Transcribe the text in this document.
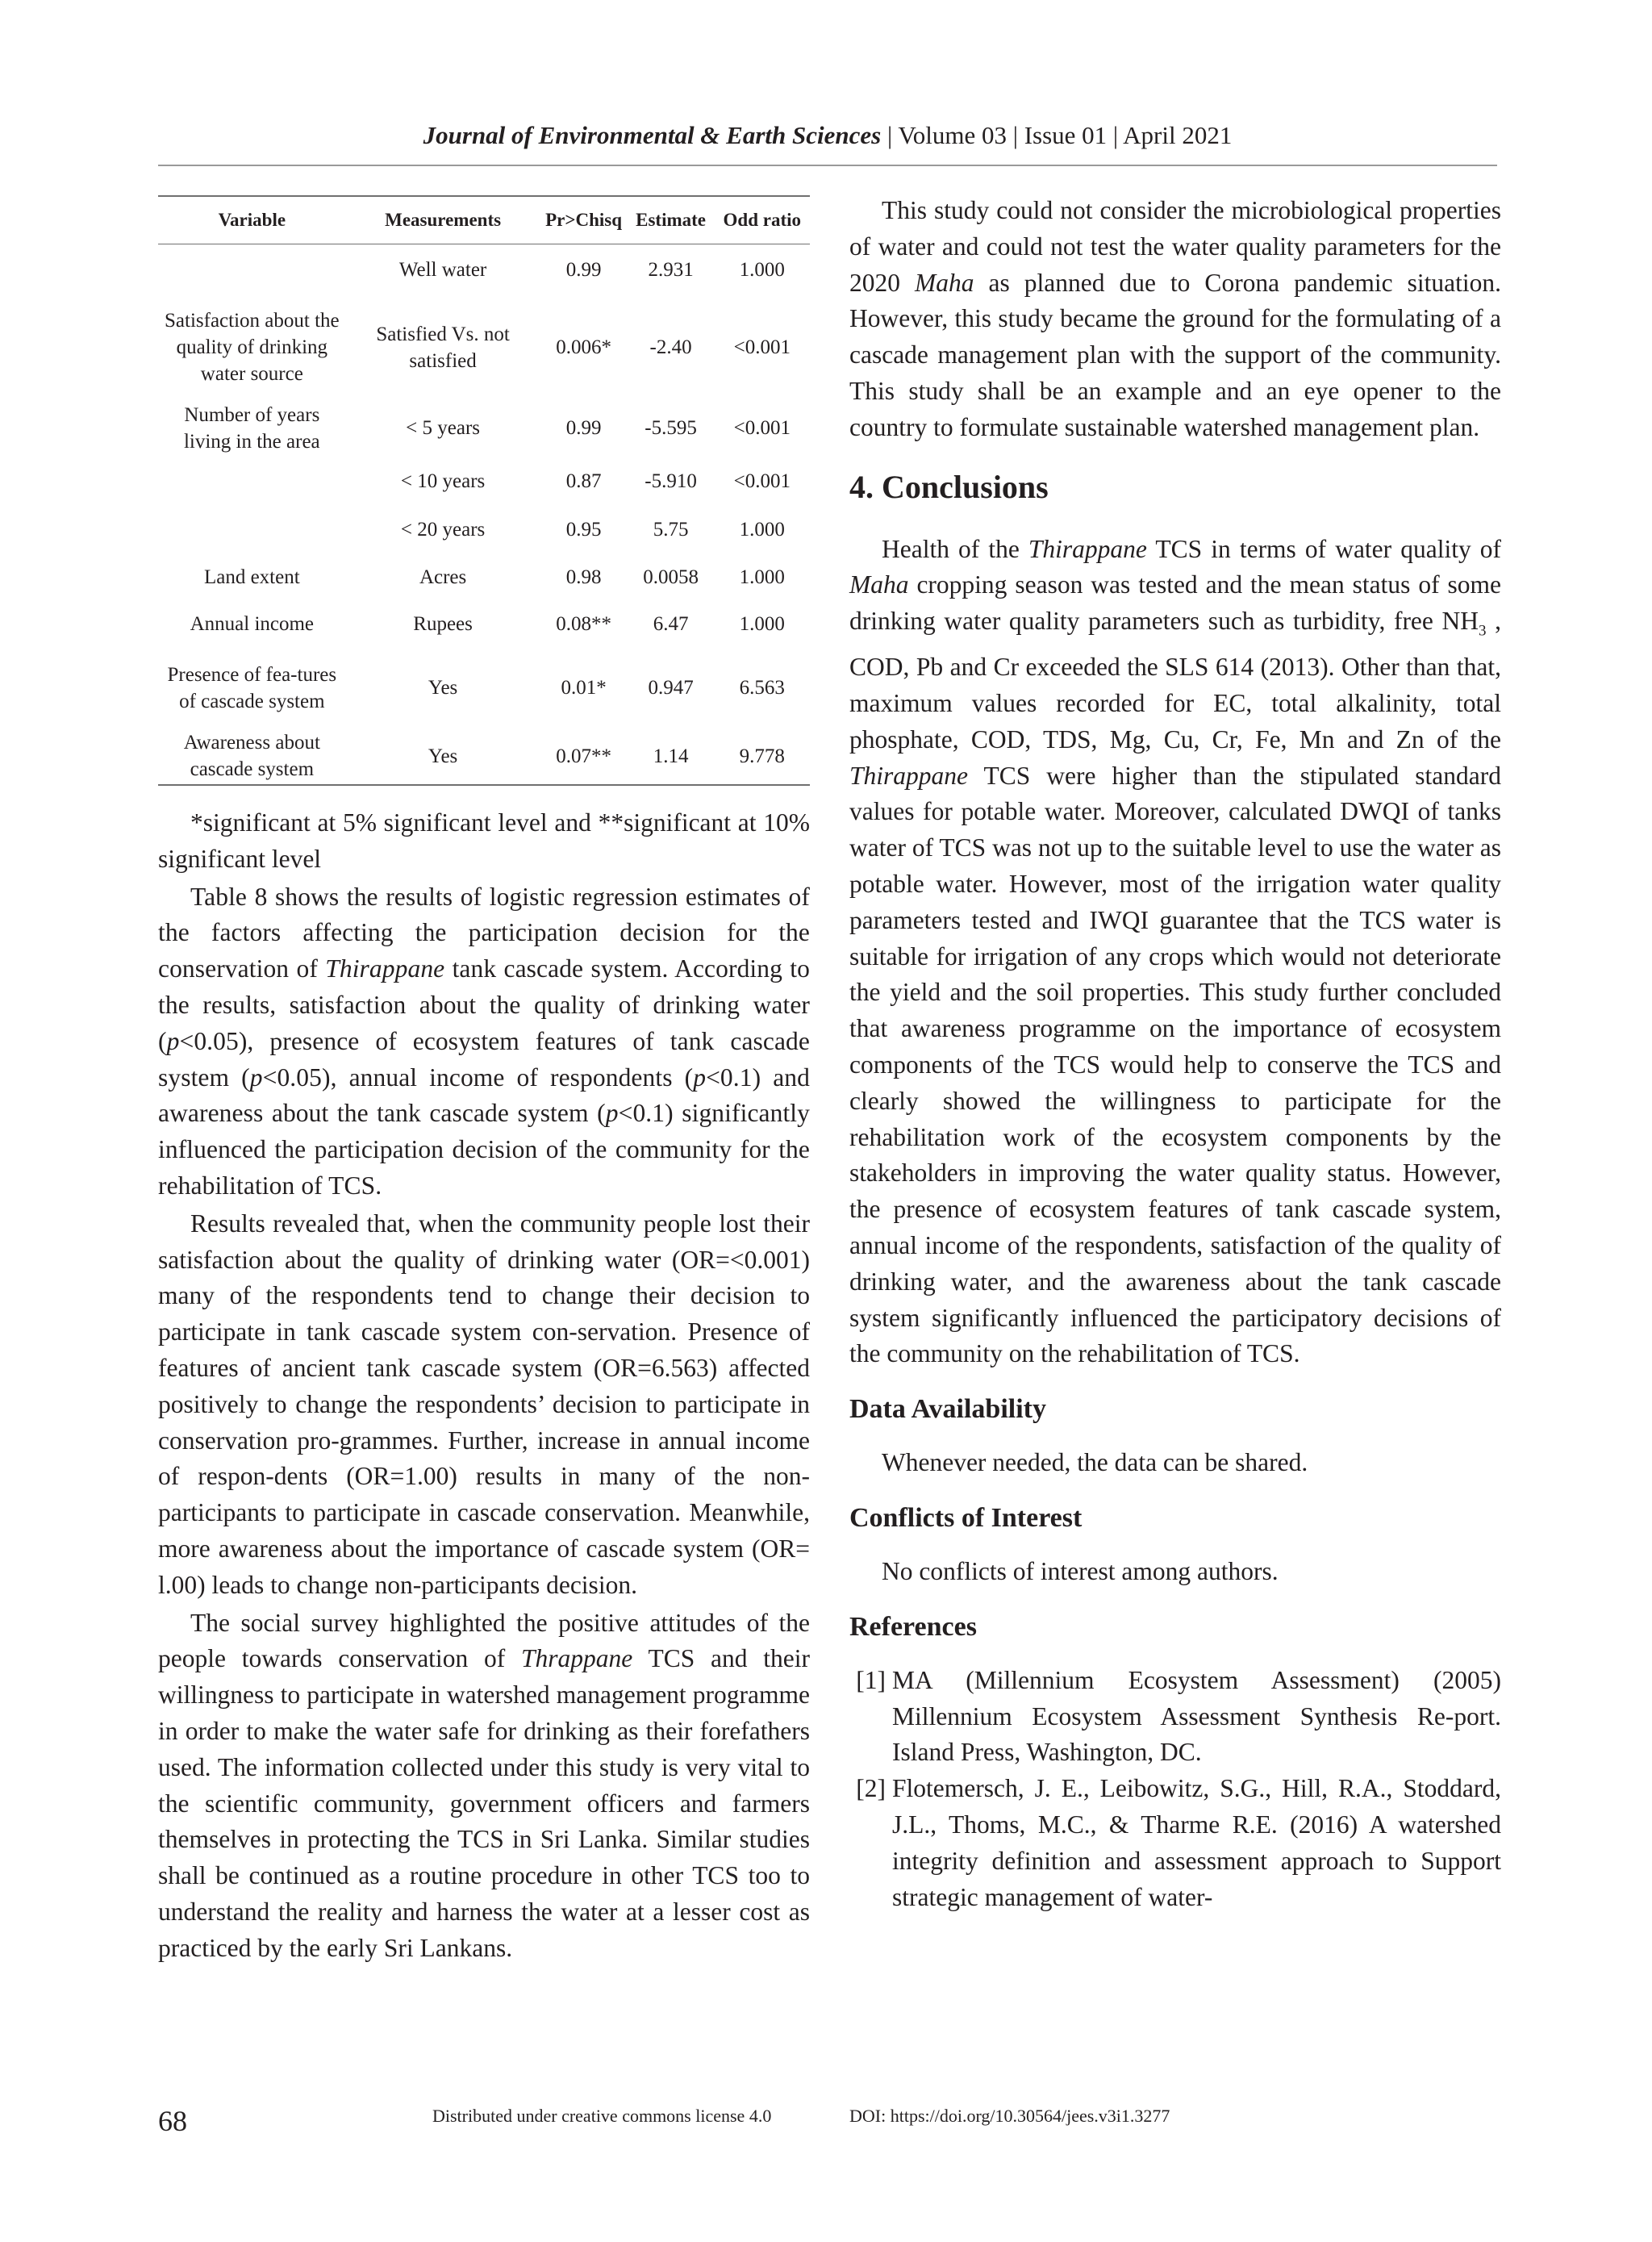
Journal of Environmental & Earth Sciences | Volume 03 | Issue 01 | April 2021
Variable	Measurements	Pr>Chisq	Estimate	Odd ratio
	Well water	0.99	2.931	1.000
Satisfaction about the quality of drinking water source	Satisfied Vs. not satisfied	0.006*	-2.40	<0.001
Number of years living in the area	< 5 years	0.99	-5.595	<0.001
	< 10 years	0.87	-5.910	<0.001
	< 20 years	0.95	5.75	1.000
Land extent	Acres	0.98	0.0058	1.000
Annual income	Rupees	0.08**	6.47	1.000
Presence of fea-tures of cascade system	Yes	0.01*	0.947	6.563
Awareness about cascade system	Yes	0.07**	1.14	9.778

*significant at 5% significant level and **significant at 10% significant level

Table 8 shows the results of logistic regression estimates of the factors affecting the participation decision for the conservation of Thirappane tank cascade system. According to the results, satisfaction about the quality of drinking water (p<0.05), presence of ecosystem features of tank cascade system (p<0.05), annual income of respondents (p<0.1) and awareness about the tank cascade system (p<0.1) significantly influenced the participation decision of the community for the rehabilitation of TCS.

Results revealed that, when the community people lost their satisfaction about the quality of drinking water (OR=<0.001) many of the respondents tend to change their decision to participate in tank cascade system con-servation. Presence of features of ancient tank cascade system (OR=6.563) affected positively to change the respondents’ decision to participate in conservation pro-grammes. Further, increase in annual income of respon-dents (OR=1.00) results in many of the non-participants to participate in cascade conservation. Meanwhile, more awareness about the importance of cascade system (OR= l.00) leads to change non-participants decision.

The social survey highlighted the positive attitudes of the people towards conservation of Thrappane TCS and their willingness to participate in watershed management programme in order to make the water safe for drinking as their forefathers used. The information collected under this study is very vital to the scientific community, government officers and farmers themselves in protecting the TCS in Sri Lanka. Similar studies shall be continued as a routine procedure in other TCS too to understand the reality and harness the water at a lesser cost as practiced by the early Sri Lankans.

This study could not consider the microbiological properties of water and could not test the water quality parameters for the 2020 Maha as planned due to Corona pandemic situation. However, this study became the ground for the formulating of a cascade management plan with the support of the community. This study shall be an example and an eye opener to the country to formulate sustainable watershed management plan.

4. Conclusions

Health of the Thirappane TCS in terms of water quality of Maha cropping season was tested and the mean status of some drinking water quality parameters such as turbidity, free $NH_3$ , COD, Pb and Cr exceeded the SLS 614 (2013). Other than that, maximum values recorded for EC, total alkalinity, total phosphate, COD, TDS, Mg, Cu, Cr, Fe, Mn and Zn of the Thirappane TCS were higher than the stipulated standard values for potable water. Moreover, calculated DWQI of tanks water of TCS was not up to the suitable level to use the water as potable water. However, most of the irrigation water quality parameters tested and IWQI guarantee that the TCS water is suitable for irrigation of any crops which would not deteriorate the yield and the soil properties. This study further concluded that awareness programme on the importance of ecosystem components of the TCS would help to conserve the TCS and clearly showed the willingness to participate for the rehabilitation work of the ecosystem components by the stakeholders in improving the water quality status. However, the presence of ecosystem features of tank cascade system, annual income of the respondents, satisfaction of the quality of drinking water, and the awareness about the tank cascade system significantly influenced the participatory decisions of the community on the rehabilitation of TCS.

Data Availability

Whenever needed, the data can be shared.

Conflicts of Interest

No conflicts of interest among authors.

References
[1] MA (Millennium Ecosystem Assessment) (2005) Millennium Ecosystem Assessment Synthesis Re-port. Island Press, Washington, DC.
[2] Flotemersch, J. E., Leibowitz, S.G., Hill, R.A., Stoddard, J.L., Thoms, M.C., & Tharme R.E. (2016) A watershed integrity definition and assessment approach to Support strategic management of water-
68	Distributed under creative commons license 4.0	DOI: https://doi.org/10.30564/jees.v3i1.3277
